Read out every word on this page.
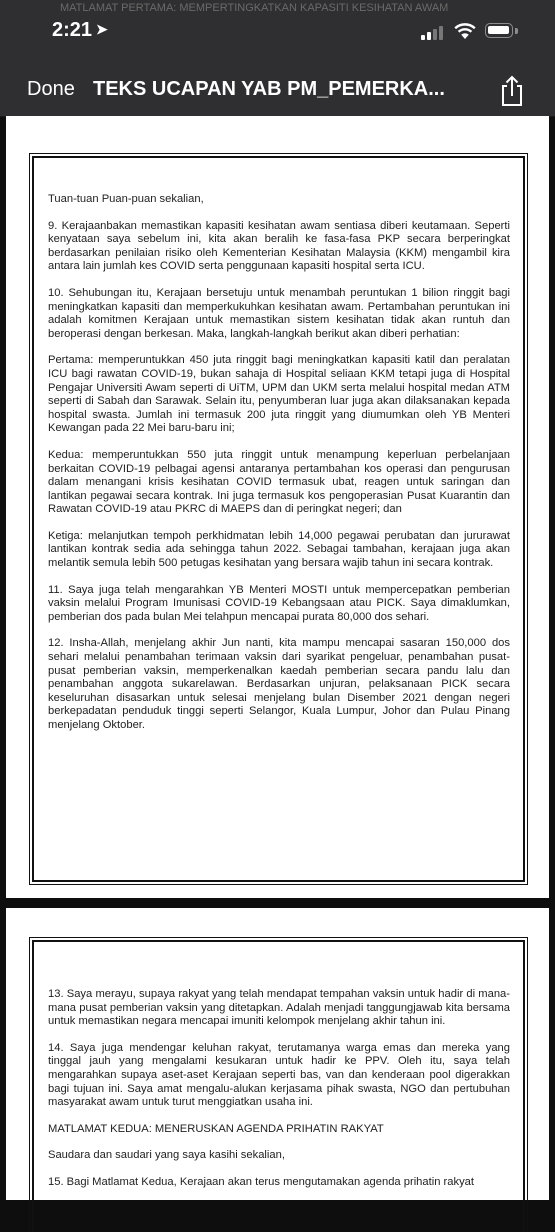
MATLAMAT PERTAMA: MEMPERTINGKATKAN KAPASITI KESIHATAN AWAM
2:21 ➤
Done TEKS UCAPAN YAB PM_PEMERKA...

Tuan-tuan Puan-puan sekalian,

9. Kerajaanbakan memastikan kapasiti kesihatan awam sentiasa diberi keutamaan. Seperti kenyataan saya sebelum ini, kita akan beralih ke fasa-fasa PKP secara berperingkat berdasarkan penilaian risiko oleh Kementerian Kesihatan Malaysia (KKM) mengambil kira antara lain jumlah kes COVID serta penggunaan kapasiti hospital serta ICU.

10. Sehubungan itu, Kerajaan bersetuju untuk menambah peruntukan 1 bilion ringgit bagi meningkatkan kapasiti dan memperkukuhkan kesihatan awam. Pertambahan peruntukan ini adalah komitmen Kerajaan untuk memastikan sistem kesihatan tidak akan runtuh dan beroperasi dengan berkesan. Maka, langkah-langkah berikut akan diberi perhatian:

Pertama: memperuntukkan 450 juta ringgit bagi meningkatkan kapasiti katil dan peralatan ICU bagi rawatan COVID-19, bukan sahaja di Hospital seliaan KKM tetapi juga di Hospital Pengajar Universiti Awam seperti di UiTM, UPM dan UKM serta melalui hospital medan ATM seperti di Sabah dan Sarawak. Selain itu, penyumberan luar juga akan dilaksanakan kepada hospital swasta. Jumlah ini termasuk 200 juta ringgit yang diumumkan oleh YB Menteri Kewangan pada 22 Mei baru-baru ini;

Kedua: memperuntukkan 550 juta ringgit untuk menampung keperluan perbelanjaan berkaitan COVID-19 pelbagai agensi antaranya pertambahan kos operasi dan pengurusan dalam menangani krisis kesihatan COVID termasuk ubat, reagen untuk saringan dan lantikan pegawai secara kontrak. Ini juga termasuk kos pengoperasian Pusat Kuarantin dan Rawatan COVID-19 atau PKRC di MAEPS dan di peringkat negeri; dan

Ketiga: melanjutkan tempoh perkhidmatan lebih 14,000 pegawai perubatan dan jururawat lantikan kontrak sedia ada sehingga tahun 2022. Sebagai tambahan, kerajaan juga akan melantik semula lebih 500 petugas kesihatan yang bersara wajib tahun ini secara kontrak.

11. Saya juga telah mengarahkan YB Menteri MOSTI untuk mempercepatkan pemberian vaksin melalui Program Imunisasi COVID-19 Kebangsaan atau PICK. Saya dimaklumkan, pemberian dos pada bulan Mei telahpun mencapai purata 80,000 dos sehari.

12. Insha-Allah, menjelang akhir Jun nanti, kita mampu mencapai sasaran 150,000 dos sehari melalui penambahan terimaan vaksin dari syarikat pengeluar, penambahan pusat-pusat pemberian vaksin, memperkenalkan kaedah pemberian secara pandu lalu dan penambahan anggota sukarelawan. Berdasarkan unjuran, pelaksanaan PICK secara keseluruhan disasarkan untuk selesai menjelang bulan Disember 2021 dengan negeri berkepadatan penduduk tinggi seperti Selangor, Kuala Lumpur, Johor dan Pulau Pinang menjelang Oktober.

13. Saya merayu, supaya rakyat yang telah mendapat tempahan vaksin untuk hadir di mana-mana pusat pemberian vaksin yang ditetapkan. Adalah menjadi tanggungjawab kita bersama untuk memastikan negara mencapai imuniti kelompok menjelang akhir tahun ini.

14. Saya juga mendengar keluhan rakyat, terutamanya warga emas dan mereka yang tinggal jauh yang mengalami kesukaran untuk hadir ke PPV. Oleh itu, saya telah mengarahkan supaya aset-aset Kerajaan seperti bas, van dan kenderaan pool digerakkan bagi tujuan ini. Saya amat mengalu-alukan kerjasama pihak swasta, NGO dan pertubuhan masyarakat awam untuk turut menggiatkan usaha ini.

MATLAMAT KEDUA: MENERUSKAN AGENDA PRIHATIN RAKYAT

Saudara dan saudari yang saya kasihi sekalian,

15. Bagi Matlamat Kedua, Kerajaan akan terus mengutamakan agenda prihatin rakyat
